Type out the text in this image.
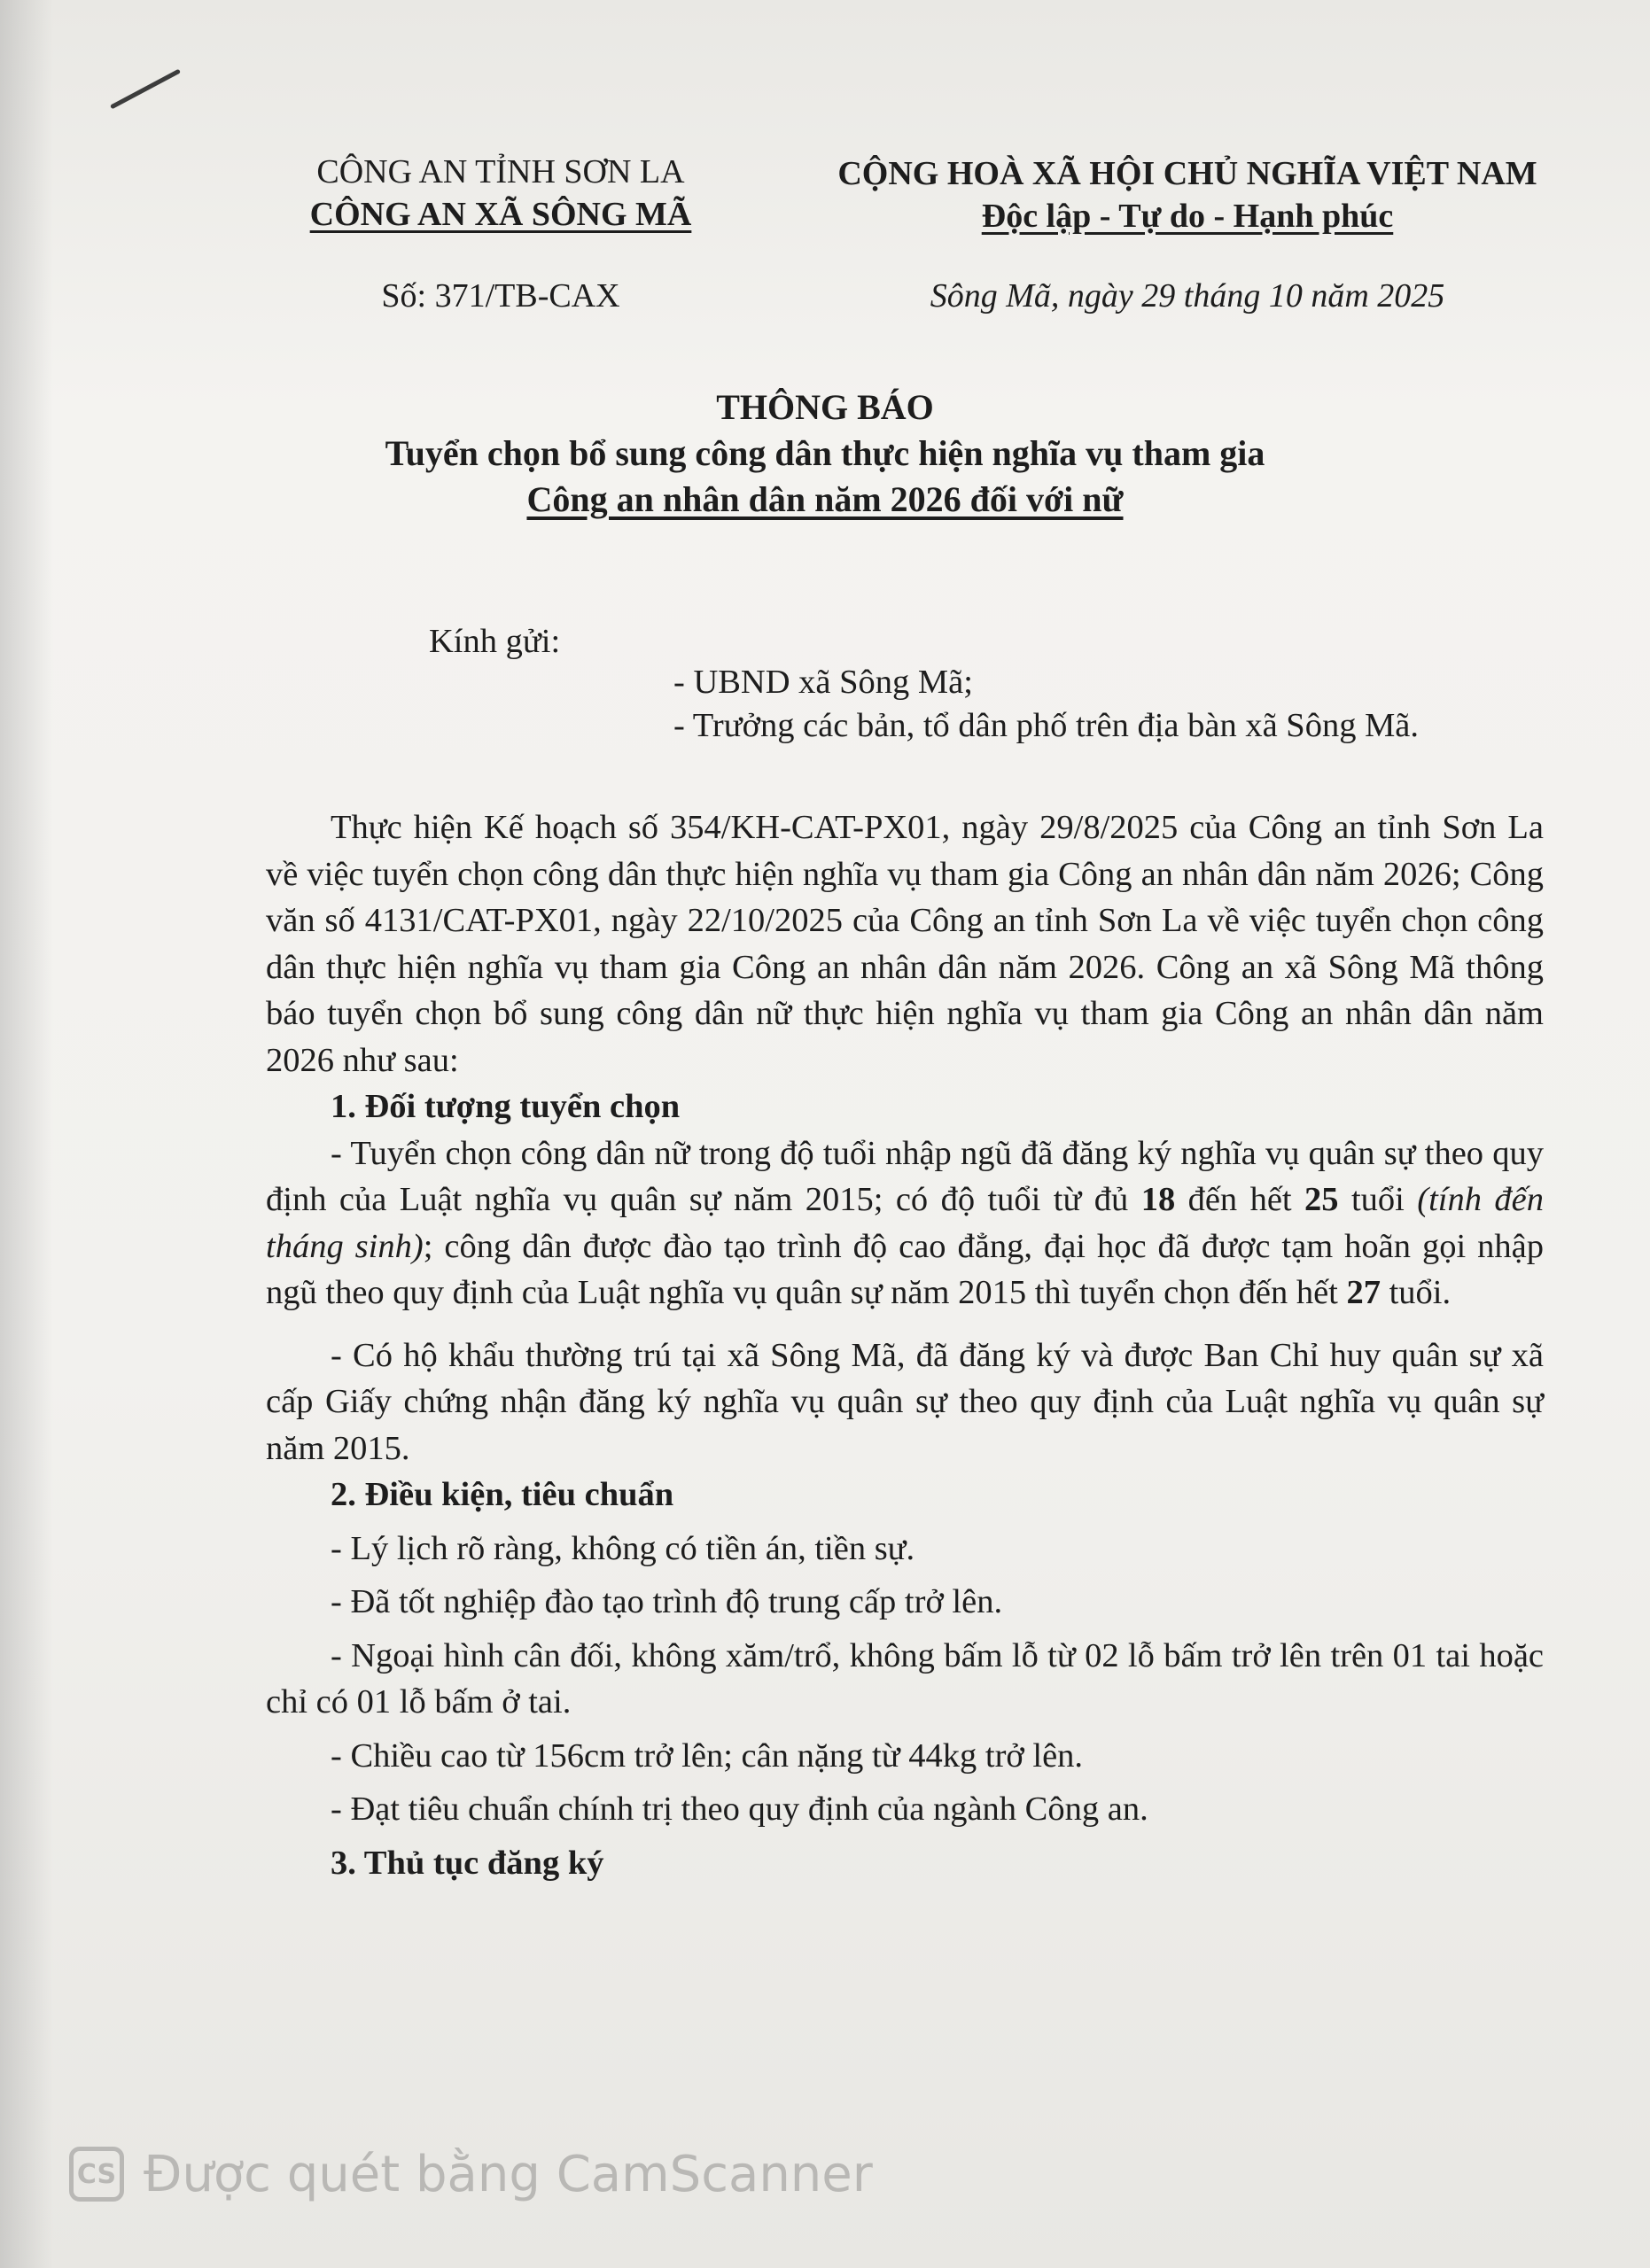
CÔNG AN TỈNH SƠN LA
CÔNG AN XÃ SÔNG MÃ
Số: 371/TB-CAX
CỘNG HOÀ XÃ HỘI CHỦ NGHĨA VIỆT NAM
Độc lập - Tự do - Hạnh phúc
Sông Mã, ngày 29 tháng 10 năm 2025
THÔNG BÁO
Tuyển chọn bổ sung công dân thực hiện nghĩa vụ tham gia
Công an nhân dân năm 2026 đối với nữ
Kính gửi:
- UBND xã Sông Mã;
- Trưởng các bản, tổ dân phố trên địa bàn xã Sông Mã.

Thực hiện Kế hoạch số 354/KH-CAT-PX01, ngày 29/8/2025 của Công an tỉnh Sơn La về việc tuyển chọn công dân thực hiện nghĩa vụ tham gia Công an nhân dân năm 2026; Công văn số 4131/CAT-PX01, ngày 22/10/2025 của Công an tỉnh Sơn La về việc tuyển chọn công dân thực hiện nghĩa vụ tham gia Công an nhân dân năm 2026. Công an xã Sông Mã thông báo tuyển chọn bổ sung công dân nữ thực hiện nghĩa vụ tham gia Công an nhân dân năm 2026 như sau:

1. Đối tượng tuyển chọn

- Tuyển chọn công dân nữ trong độ tuổi nhập ngũ đã đăng ký nghĩa vụ quân sự theo quy định của Luật nghĩa vụ quân sự năm 2015; có độ tuổi từ đủ 18 đến hết 25 tuổi (tính đến tháng sinh); công dân được đào tạo trình độ cao đẳng, đại học đã được tạm hoãn gọi nhập ngũ theo quy định của Luật nghĩa vụ quân sự năm 2015 thì tuyển chọn đến hết 27 tuổi.

- Có hộ khẩu thường trú tại xã Sông Mã, đã đăng ký và được Ban Chỉ huy quân sự xã cấp Giấy chứng nhận đăng ký nghĩa vụ quân sự theo quy định của Luật nghĩa vụ quân sự năm 2015.

2. Điều kiện, tiêu chuẩn

- Lý lịch rõ ràng, không có tiền án, tiền sự.

- Đã tốt nghiệp đào tạo trình độ trung cấp trở lên.

- Ngoại hình cân đối, không xăm/trổ, không bấm lỗ từ 02 lỗ bấm trở lên trên 01 tai hoặc chỉ có 01 lỗ bấm ở tai.

- Chiều cao từ 156cm trở lên; cân nặng từ 44kg trở lên.

- Đạt tiêu chuẩn chính trị theo quy định của ngành Công an.

3. Thủ tục đăng ký

CS Được quét bằng CamScanner
